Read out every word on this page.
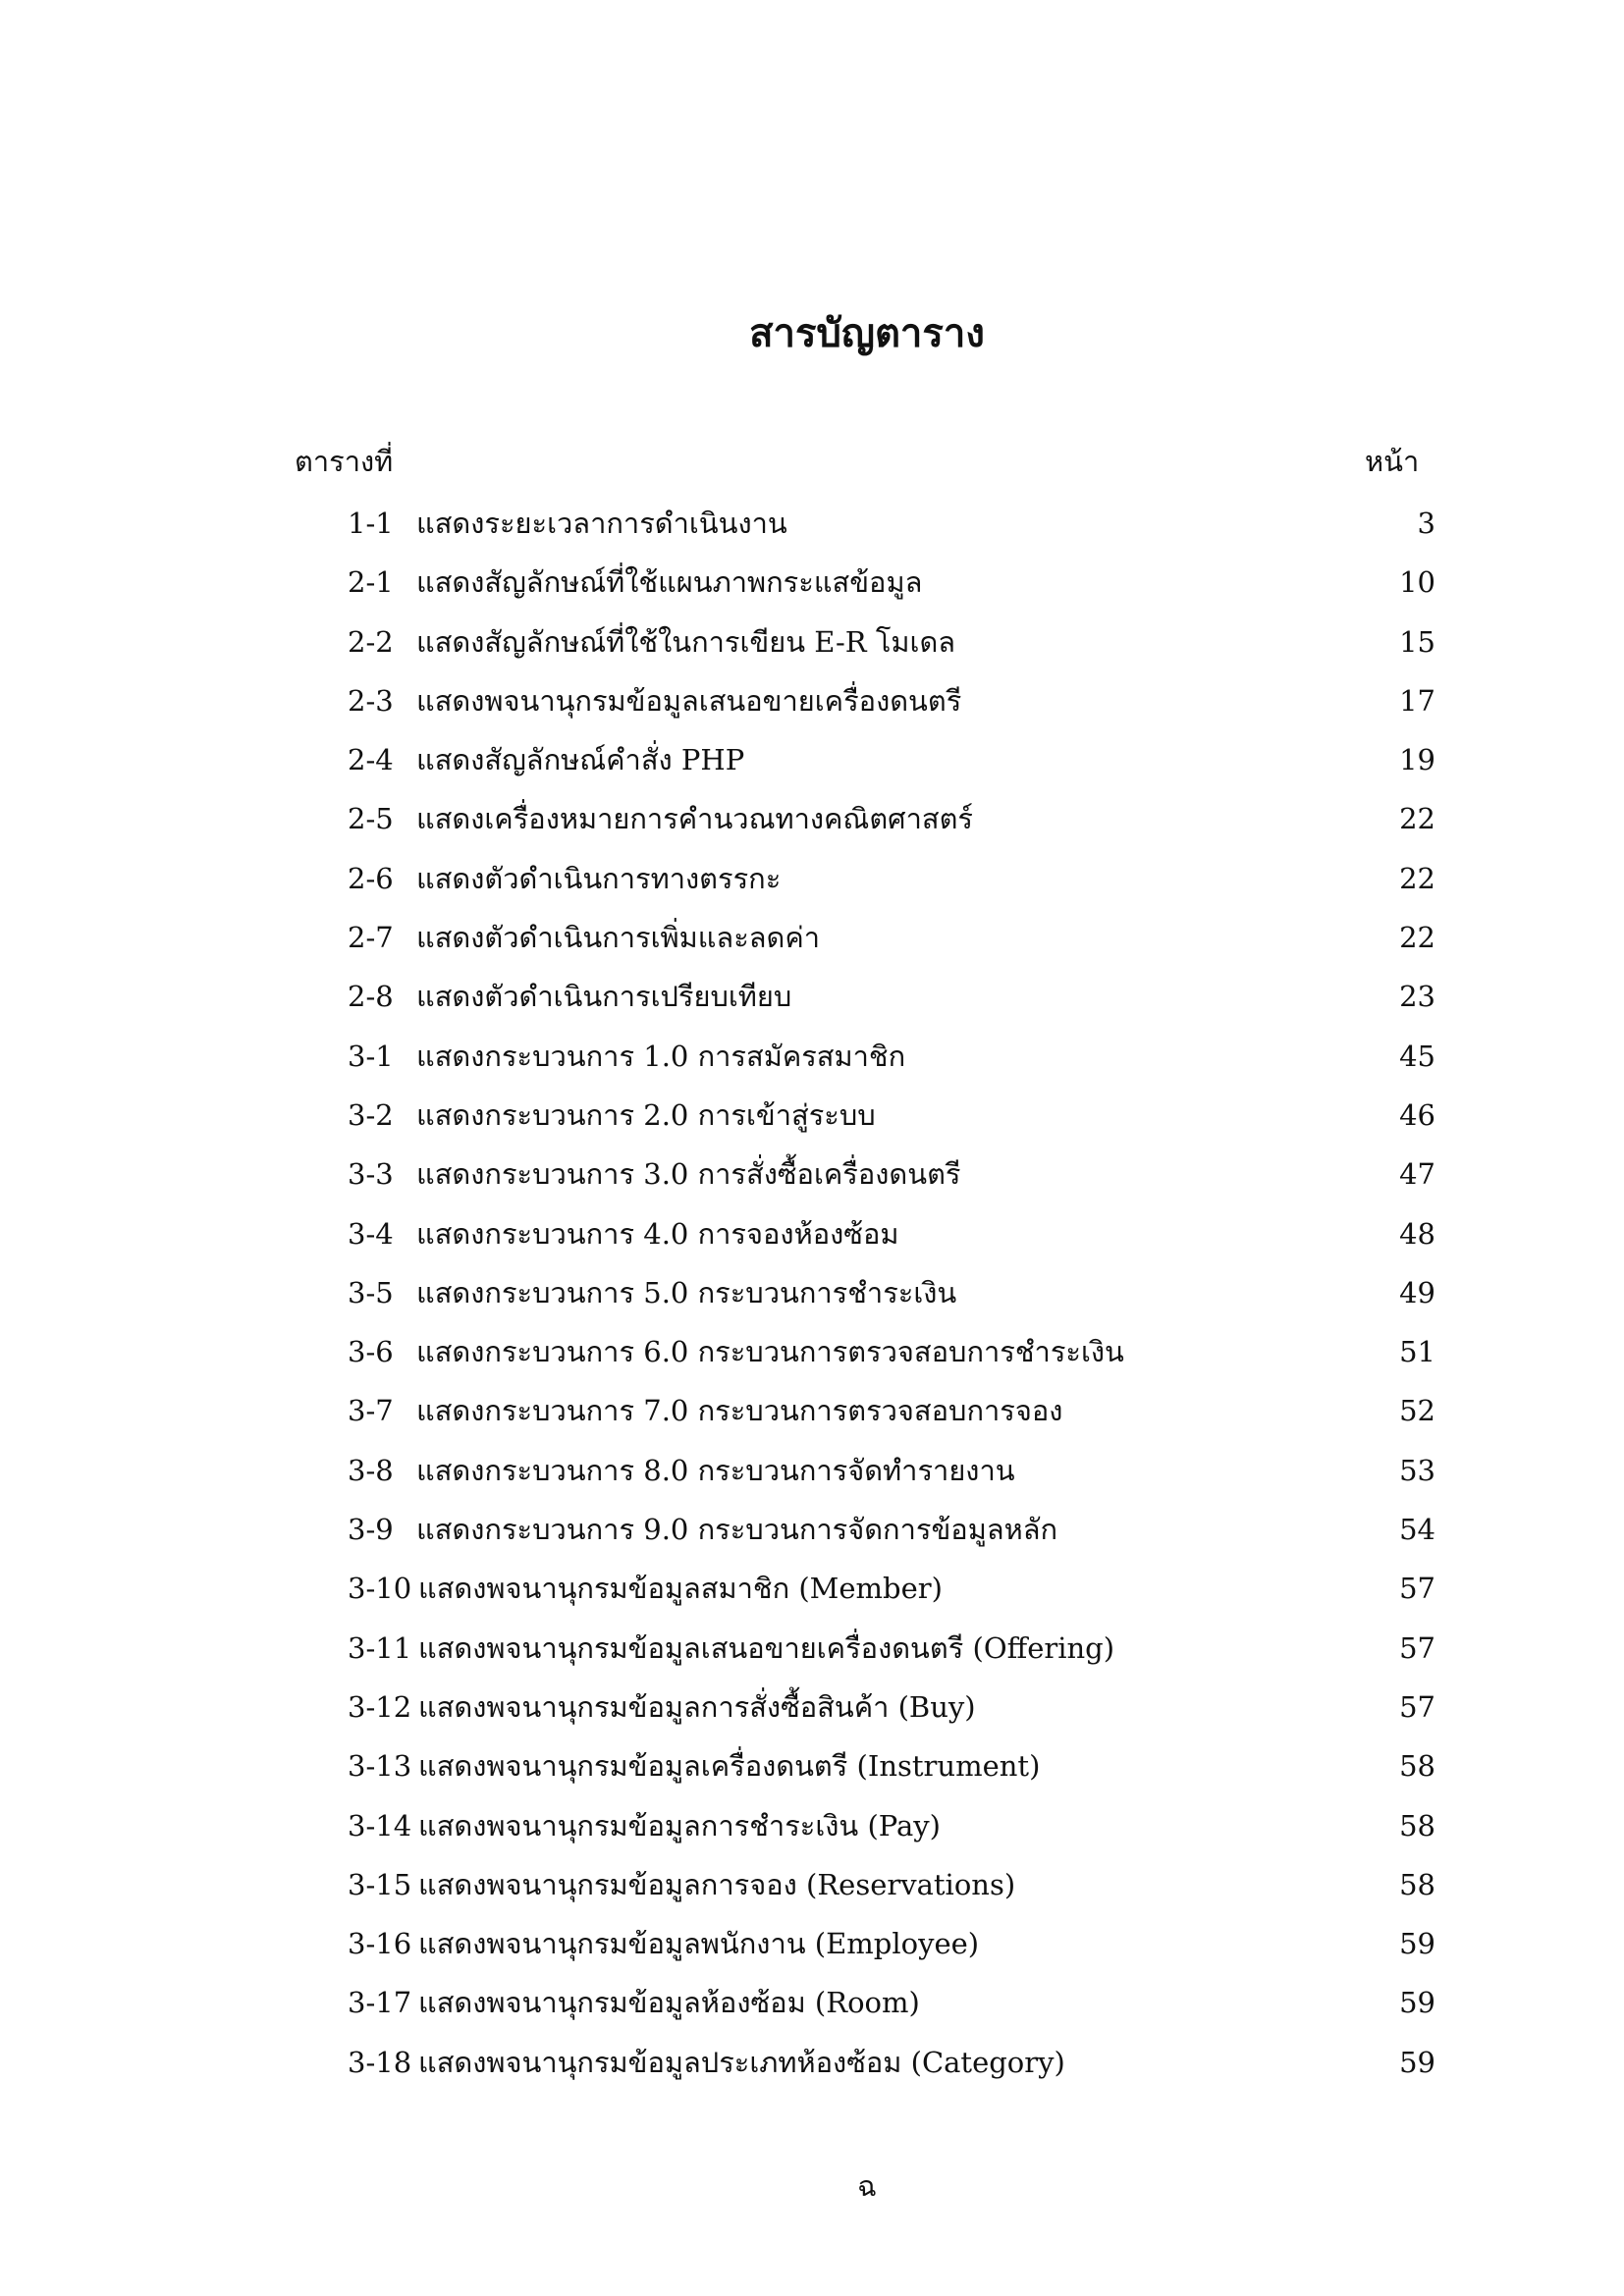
สารบัญตาราง
ตารางที่	หน้า
1-1 แสดงระยะเวลาการดำเนินงาน	3
2-1 แสดงสัญลักษณ์ที่ใช้แผนภาพกระแสข้อมูล	10
2-2 แสดงสัญลักษณ์ที่ใช้ในการเขียน E-R โมเดล	15
2-3 แสดงพจนานุกรมข้อมูลเสนอขายเครื่องดนตรี	17
2-4 แสดงสัญลักษณ์คำสั่ง PHP	19
2-5 แสดงเครื่องหมายการคำนวณทางคณิตศาสตร์	22
2-6 แสดงตัวดำเนินการทางตรรกะ	22
2-7 แสดงตัวดำเนินการเพิ่มและลดค่า	22
2-8 แสดงตัวดำเนินการเปรียบเทียบ	23
3-1 แสดงกระบวนการ 1.0 การสมัครสมาชิก	45
3-2 แสดงกระบวนการ 2.0 การเข้าสู่ระบบ	46
3-3 แสดงกระบวนการ 3.0 การสั่งซื้อเครื่องดนตรี	47
3-4 แสดงกระบวนการ 4.0 การจองห้องซ้อม	48
3-5 แสดงกระบวนการ 5.0 กระบวนการชำระเงิน	49
3-6 แสดงกระบวนการ 6.0 กระบวนการตรวจสอบการชำระเงิน	51
3-7 แสดงกระบวนการ 7.0 กระบวนการตรวจสอบการจอง	52
3-8 แสดงกระบวนการ 8.0 กระบวนการจัดทำรายงาน	53
3-9 แสดงกระบวนการ 9.0 กระบวนการจัดการข้อมูลหลัก	54
3-10 แสดงพจนานุกรมข้อมูลสมาชิก (Member)	57
3-11 แสดงพจนานุกรมข้อมูลเสนอขายเครื่องดนตรี (Offering)	57
3-12 แสดงพจนานุกรมข้อมูลการสั่งซื้อสินค้า (Buy)	57
3-13 แสดงพจนานุกรมข้อมูลเครื่องดนตรี (Instrument)	58
3-14 แสดงพจนานุกรมข้อมูลการชำระเงิน (Pay)	58
3-15 แสดงพจนานุกรมข้อมูลการจอง (Reservations)	58
3-16 แสดงพจนานุกรมข้อมูลพนักงาน (Employee)	59
3-17 แสดงพจนานุกรมข้อมูลห้องซ้อม (Room)	59
3-18 แสดงพจนานุกรมข้อมูลประเภทห้องซ้อม (Category)	59
ฉ
